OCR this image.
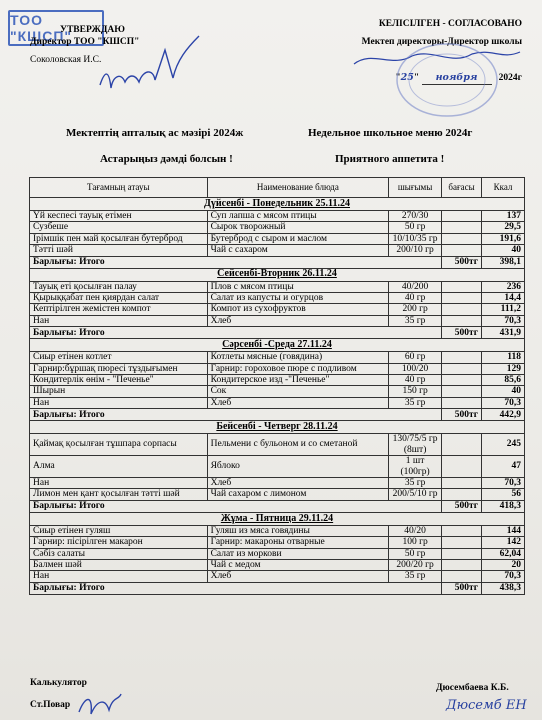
ТОО "КШСП"
УТВЕРЖДАЮ
Директор ТОО "КШСП"
Соколовская И.С.
КЕЛІСІЛГЕН - СОГЛАСОВАНО
Мектеп директоры-Директор школы
"25" ноября 2024г
Мектептің апталық ас мәзірі 2024ж	Недельное школьное меню 2024г
Астарыңыз дәмді болсын !	Приятного аппетита !
Тағамның атауы	Наименование блюда	шығымы	бағасы	Ккал
Дүйсенбі - Понедельник 25.11.24				
Үй кеспесі тауық етімен	Суп лапша с мясом птицы	270/30		137
Сузбеше	Сырок творожный	50 гр		29,5
Ірімшік пен май қосылған бутерброд	Бутерброд с сыром и маслом	10/10/35 гр		191,6
Тәтті шәй	Чай с сахаром	200/10 гр		40
Барлығы: Итого			500тг	398,1
Сейсенбі-Вторник 26.11.24				
Тауық еті қосылған палау	Плов с мясом птицы	40/200		236
Қырыққабат пен қиярдан салат	Салат из капусты и огурцов	40 гр		14,4
Кептірілген жемістен компот	Компот из сухофруктов	200 гр		111,2
Нан	Хлеб	35 гр		70,3
Барлығы: Итого			500тг	431,9
Сәрсенбі -Среда 27.11.24				
Сиыр етінен котлет	Котлеты мясные (говядина)	60 гр		118
Гарнир:бұршақ пюресі тұздығымен	Гарнир: гороховое пюре с подливом	100/20		129
Кондитерлік өнім - "Печенье"	Кондитерское изд -"Печенье"	40 гр		85,6
Шырын	Сок	150 гр		40
Нан	Хлеб	35 гр		70,3
Барлығы: Итого			500тг	442,9
Бейсенбі - Четверг 28.11.24				
Қаймақ қосылған тұшпара сорпасы	Пельмени с бульоном и со сметаной	130/75/5 гр (8шт)		245
Алма	Яблоко	1 шт (100гр)		47
Нан	Хлеб	35 гр		70,3
Лимон мен қант қосылған тәтті шәй	Чай сахаром с лимоном	200/5/10 гр		56
Барлығы: Итого			500тг	418,3
Жұма - Пятница 29.11.24				
Сиыр етінен гуляш	Гуляш из мяса говядины	40/20		144
Гарнир: пісірілген макарон	Гарнир: макароны отварные	100 гр		142
Сәбіз салаты	Салат из моркови	50 гр		62,04
Балмен шәй	Чай с медом	200/20 гр		20
Нан	Хлеб	35 гр		70,3
Барлығы: Итого			500тг	438,3
Калькулятор
Ст.Повар
Дюсембаева К.Б.
Дюсемб ЕН
